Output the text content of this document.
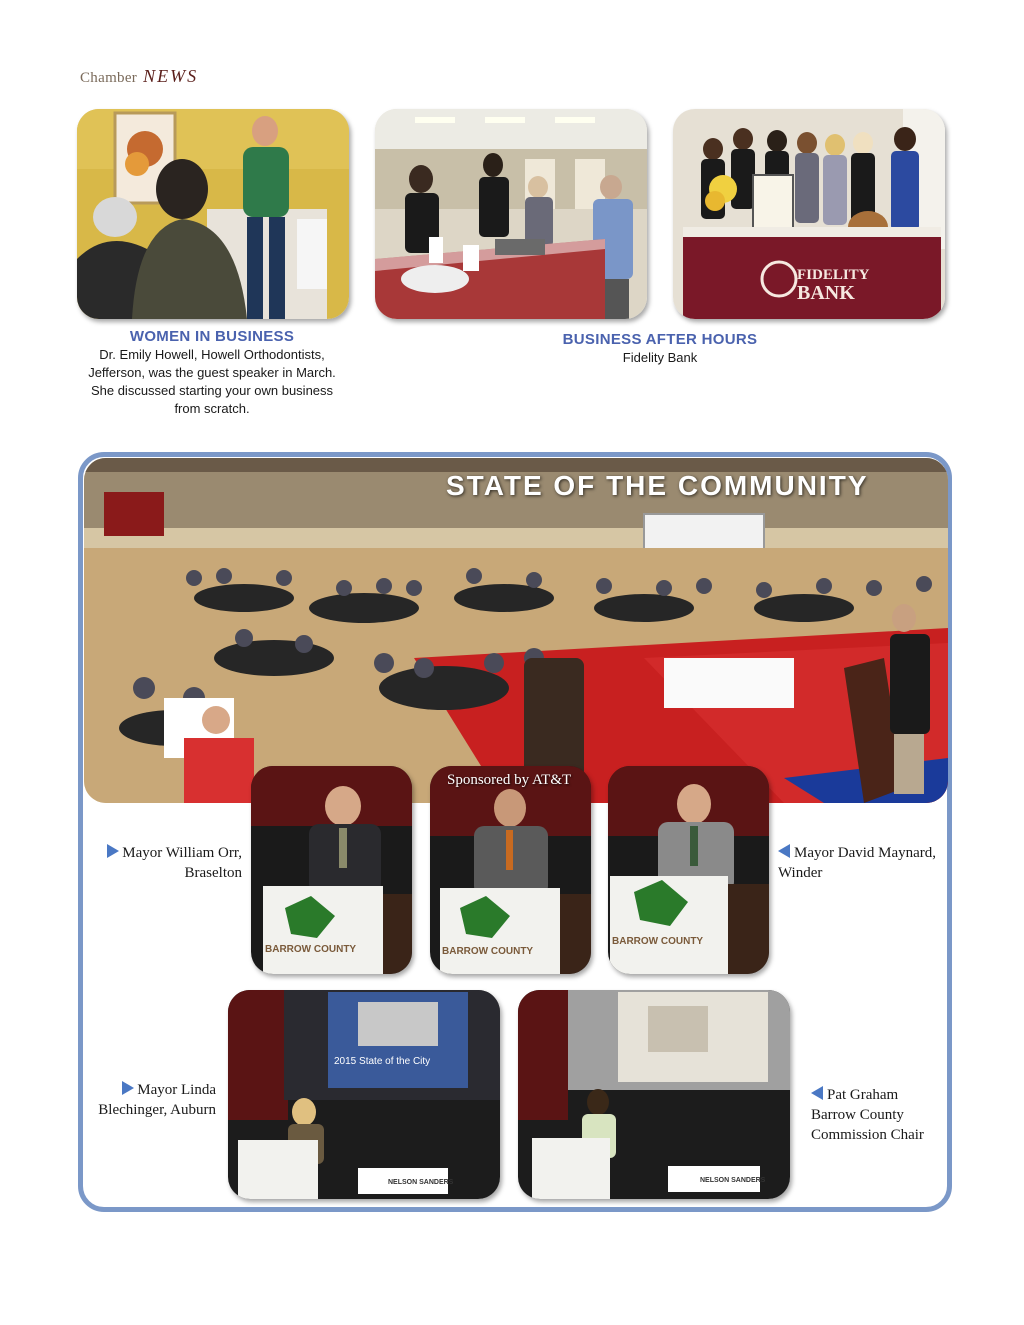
Chamber NEWS
FIDELITY
BANK
WOMEN IN BUSINESS
Dr. Emily Howell, Howell Orthodontists,
Jefferson, was the guest speaker in March.
She discussed starting your own business
from scratch.
BUSINESS AFTER HOURS
Fidelity Bank
STATE OF THE COMMUNITY
BARROW COUNTY	BARROW COUNTY
BARROW COUNTY
Sponsored by AT&T
2015 State of the City
NELSON SANDERS	NELSON SANDERS
Mayor William Orr,
Braselton
Mayor David Maynard,
Winder
Mayor Linda
Blechinger, Auburn
Pat Graham
Barrow County
Commission Chair
